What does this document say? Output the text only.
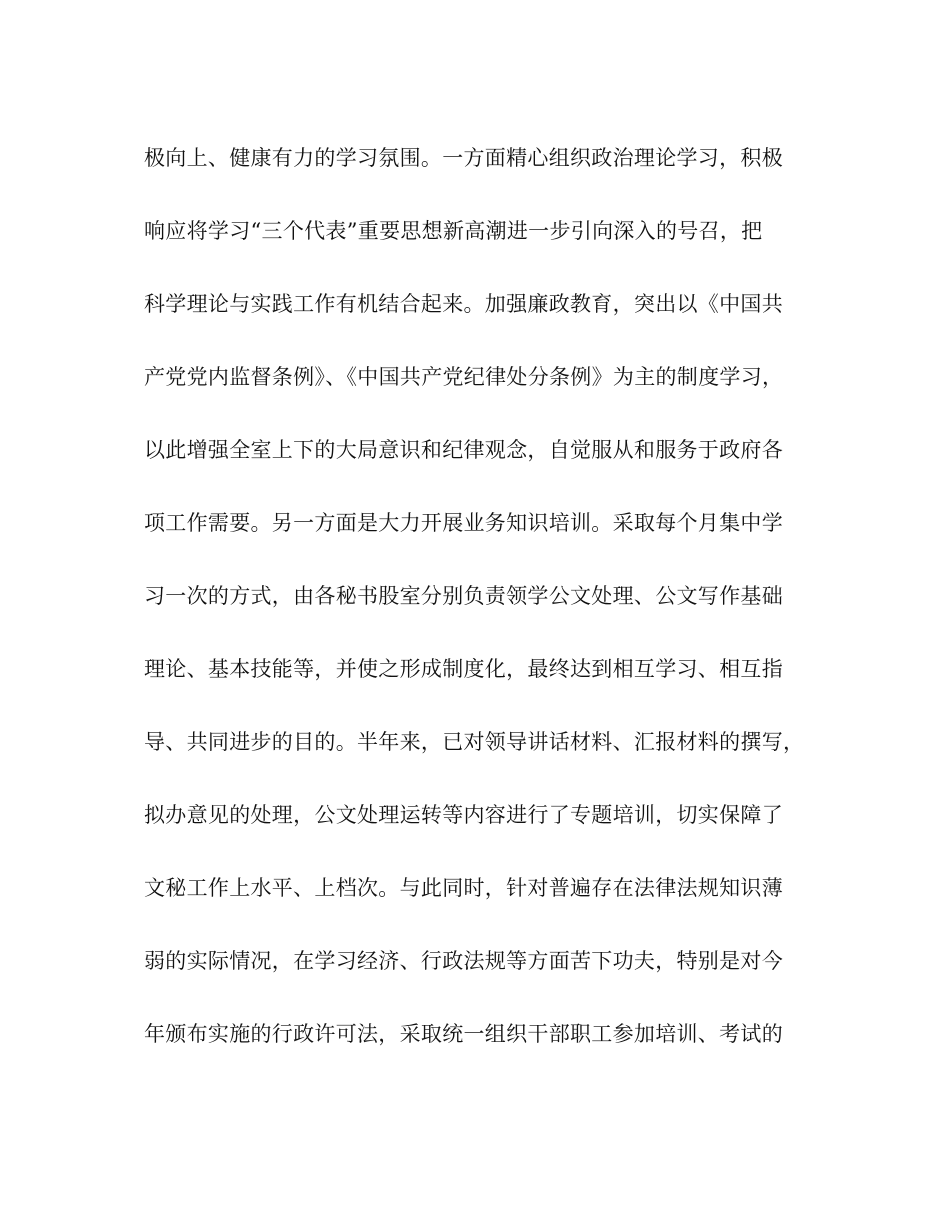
极向上、健康有力的学习氛围。一方面精心组织政治理论学习，积极
响应将学习“三个代表”重要思想新高潮进一步引向深入的号召，把
科学理论与实践工作有机结合起来。加强廉政教育，突出以《中国共
产党党内监督条例》、《中国共产党纪律处分条例》为主的制度学习，
以此增强全室上下的大局意识和纪律观念，自觉服从和服务于政府各
项工作需要。另一方面是大力开展业务知识培训。采取每个月集中学
习一次的方式，由各秘书股室分别负责领学公文处理、公文写作基础
理论、基本技能等，并使之形成制度化，最终达到相互学习、相互指
导、共同进步的目的。半年来，已对领导讲话材料、汇报材料的撰写，
拟办意见的处理，公文处理运转等内容进行了专题培训，切实保障了
文秘工作上水平、上档次。与此同时，针对普遍存在法律法规知识薄
弱的实际情况，在学习经济、行政法规等方面苦下功夫，特别是对今
年颁布实施的行政许可法，采取统一组织干部职工参加培训、考试的
